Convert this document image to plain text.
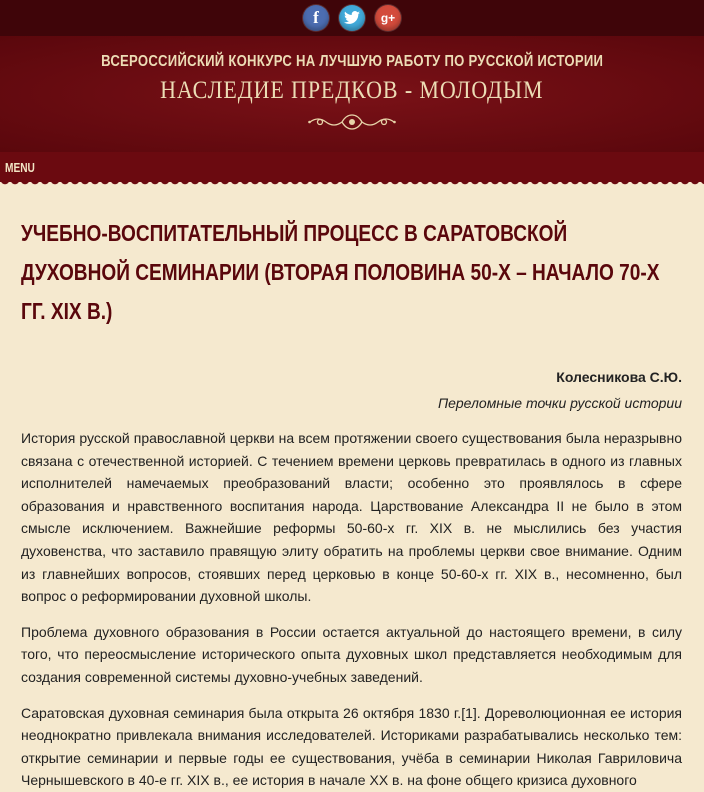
f	g+
ВСЕРОССИЙСКИЙ КОНКУРС НА ЛУЧШУЮ РАБОТУ ПО РУССКОЙ ИСТОРИИ
НАСЛЕДИЕ ПРЕДКОВ - МОЛОДЫМ
MENU
УЧЕБНО-ВОСПИТАТЕЛЬНЫЙ ПРОЦЕСС В САРАТОВСКОЙ ДУХОВНОЙ СЕМИНАРИИ (ВТОРАЯ ПОЛОВИНА 50-Х – НАЧАЛО 70-Х ГГ. XIX В.)
Колесникова С.Ю.
Переломные точки русской истории

История русской православной церкви на всем протяжении своего существования была неразрывно связана с отечественной историей. С течением времени церковь превратилась в одного из главных исполнителей намечаемых преобразований власти; особенно это проявлялось в сфере образования и нравственного воспитания народа. Царствование Александра II не было в этом смысле исключением. Важнейшие реформы 50-60-х гг. XIX в. не мыслились без участия духовенства, что заставило правящую элиту обратить на проблемы церкви свое внимание. Одним из главнейших вопросов, стоявших перед церковью в конце 50-60-х гг. XIX в., несомненно, был вопрос о реформировании духовной школы.

Проблема духовного образования в России остается актуальной до настоящего времени, в силу того, что переосмысление исторического опыта духовных школ представляется необходимым для создания современной системы духовно-учебных заведений.

Саратовская духовная семинария была открыта 26 октября 1830 г.[1]. Дореволюционная ее история неоднократно привлекала внимания исследователей. Историками разрабатывались несколько тем: открытие семинарии и первые годы ее существования, учёба в семинарии Николая Гавриловича Чернышевского в 40-е гг. XIX в., ее история в начале XX в. на фоне общего кризиса духовного
